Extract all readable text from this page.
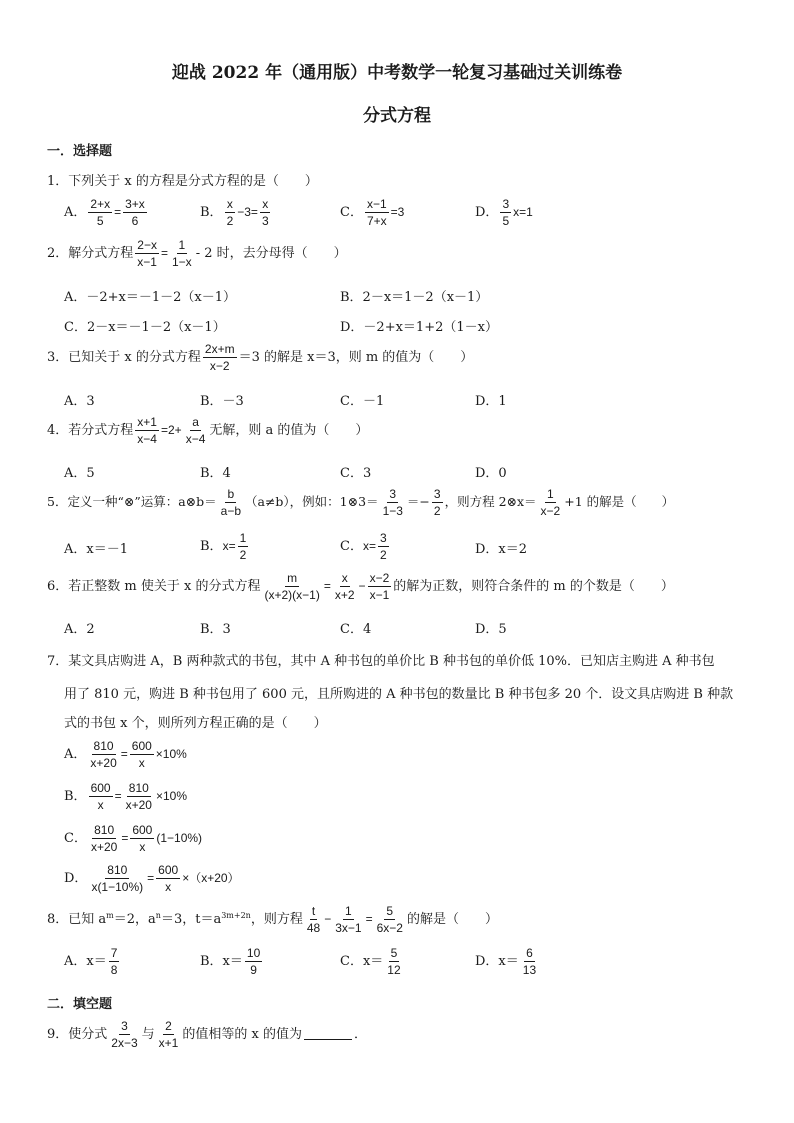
迎战 2022 年（通用版）中考数学一轮复习基础过关训练卷
分式方程
一．选择题
1．下列关于 x 的方程是分式方程的是（　　）
A． $\frac{2+x}{5} = \frac{3+x}{6}$	B． $\frac{x}{2} -3= \frac{x}{3}$	C． $\frac{x-1}{7+x} =3$	D． $\frac{3}{5} x=1$
2．解分式方程 $\frac{2-x}{x-1} = \frac{1}{1-x} - 2$ 时，去分母得（　　）
A．－2+x＝－1－2（x－1）	B．2－x＝1－2（x－1）
C．2－x＝－1－2（x－1）	D．－2+x＝1+2（1－x）
3．已知关于 x 的分式方程 $\frac{2x+m}{x-2} =3$ 的解是 x＝3，则 m 的值为（　　）
A．3	B．－3	C．－1	D．1
4．若分式方程 $\frac{x+1}{x-4} =2+ \frac{a}{x-4}$ 无解，则 a 的值为（　　）
A．5	B．4	C．3	D．0
5．定义一种“⊗”运算：a⊗b＝ $\frac{b}{a-b} (a\ne b)$，例如：1⊗3＝ $\frac{3}{1-3} =- \frac{3}{2}$ ，则方程 2⊗x＝ $\frac{1}{x-2} +1$ 的解是（　　）
A．x＝－1	B．$x= \frac{1}{2}$	C．$x= \frac{3}{2}$	D．x＝2
6．若正整数 m 使关于 x 的分式方程 $\frac{m}{(x+2)(x-1)} = \frac{x}{x+2} - \frac{x-2}{x-1}$ 的解为正数，则符合条件的 m 的个数是（　　）
A．2	B．3	C．4	D．5
7．某文具店购进 A，B 两种款式的书包，其中 A 种书包的单价比 B 种书包的单价低 10%．已知店主购进 A 种书包
用了 810 元，购进 B 种书包用了 600 元，且所购进的 A 种书包的数量比 B 种书包多 20 个．设文具店购进 B 种款
式的书包 x 个，则所列方程正确的是（　　）
A． $\frac{810}{x+20} = \frac{600}{x} \times 10\%$
B． $\frac{600}{x} = \frac{810}{x+20} \times 10\%$
C． $\frac{810}{x+20} = \frac{600}{x} (1-10\%)$
D． $\frac{810}{x(1-10\%)} = \frac{600}{x} \times(x+20)$
8．已知 $a^m=2$，$a^n=3$，$t=a^{3m+2n}$，则方程 $\frac{t}{48} - \frac{1}{3x-1} = \frac{5}{6x-2}$ 的解是（　　）
A．$x= \frac{7}{8}$	B．$x= \frac{10}{9}$	C．$x= \frac{5}{12}$	D．$x= \frac{6}{13}$
二．填空题
9．使分式 $\frac{3}{2x-3}$ 与 $\frac{2}{x+1}$ 的值相等的 x 的值为	．
